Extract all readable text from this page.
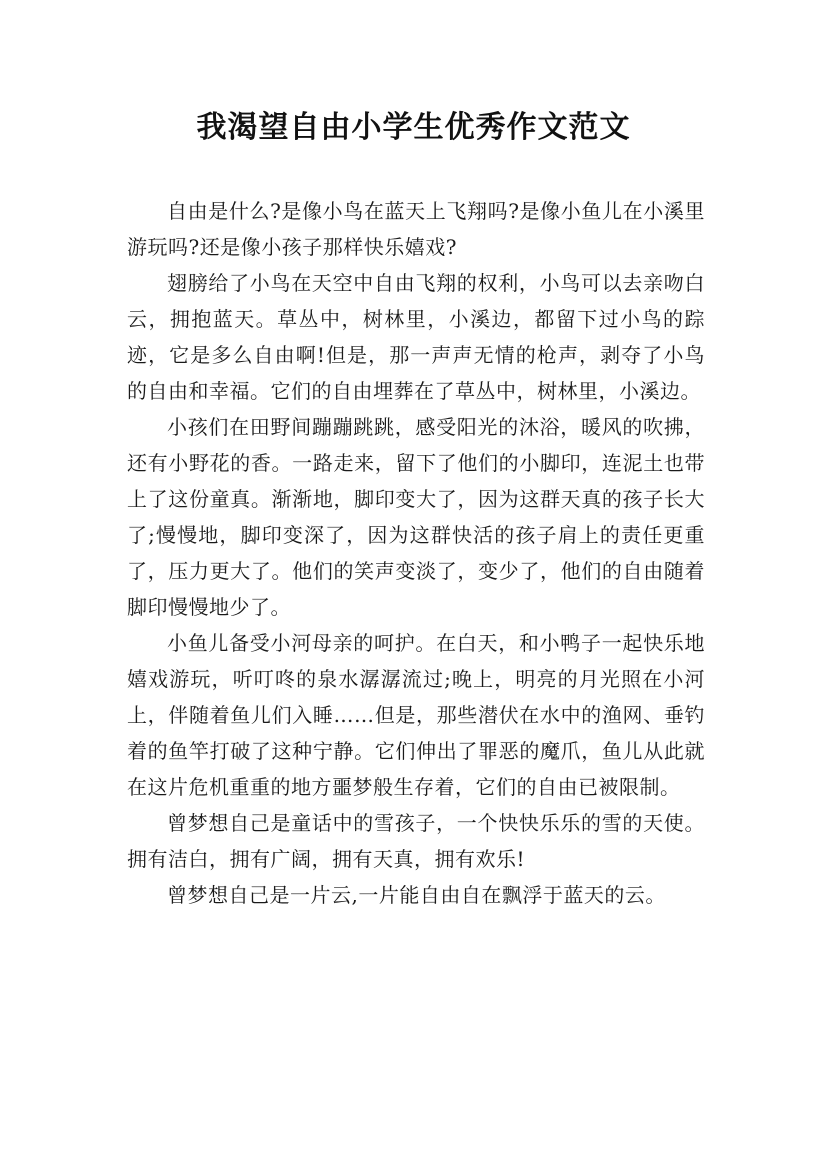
我渴望自由小学生优秀作文范文

自由是什么?是像小鸟在蓝天上飞翔吗?是像小鱼儿在小溪里游玩吗?还是像小孩子那样快乐嬉戏?

翅膀给了小鸟在天空中自由飞翔的权利，小鸟可以去亲吻白云，拥抱蓝天。草丛中，树林里，小溪边，都留下过小鸟的踪迹，它是多么自由啊!但是，那一声声无情的枪声，剥夺了小鸟的自由和幸福。它们的自由埋葬在了草丛中，树林里，小溪边。

小孩们在田野间蹦蹦跳跳，感受阳光的沐浴，暖风的吹拂，还有小野花的香。一路走来，留下了他们的小脚印，连泥土也带上了这份童真。渐渐地，脚印变大了，因为这群天真的孩子长大了;慢慢地，脚印变深了，因为这群快活的孩子肩上的责任更重了，压力更大了。他们的笑声变淡了，变少了，他们的自由随着脚印慢慢地少了。

小鱼儿备受小河母亲的呵护。在白天，和小鸭子一起快乐地嬉戏游玩，听叮咚的泉水潺潺流过;晚上，明亮的月光照在小河上，伴随着鱼儿们入睡……但是，那些潜伏在水中的渔网、垂钓着的鱼竿打破了这种宁静。它们伸出了罪恶的魔爪，鱼儿从此就在这片危机重重的地方噩梦般生存着，它们的自由已被限制。

曾梦想自己是童话中的雪孩子，一个快快乐乐的雪的天使。拥有洁白，拥有广阔，拥有天真，拥有欢乐!

曾梦想自己是一片云,一片能自由自在飘浮于蓝天的云。
